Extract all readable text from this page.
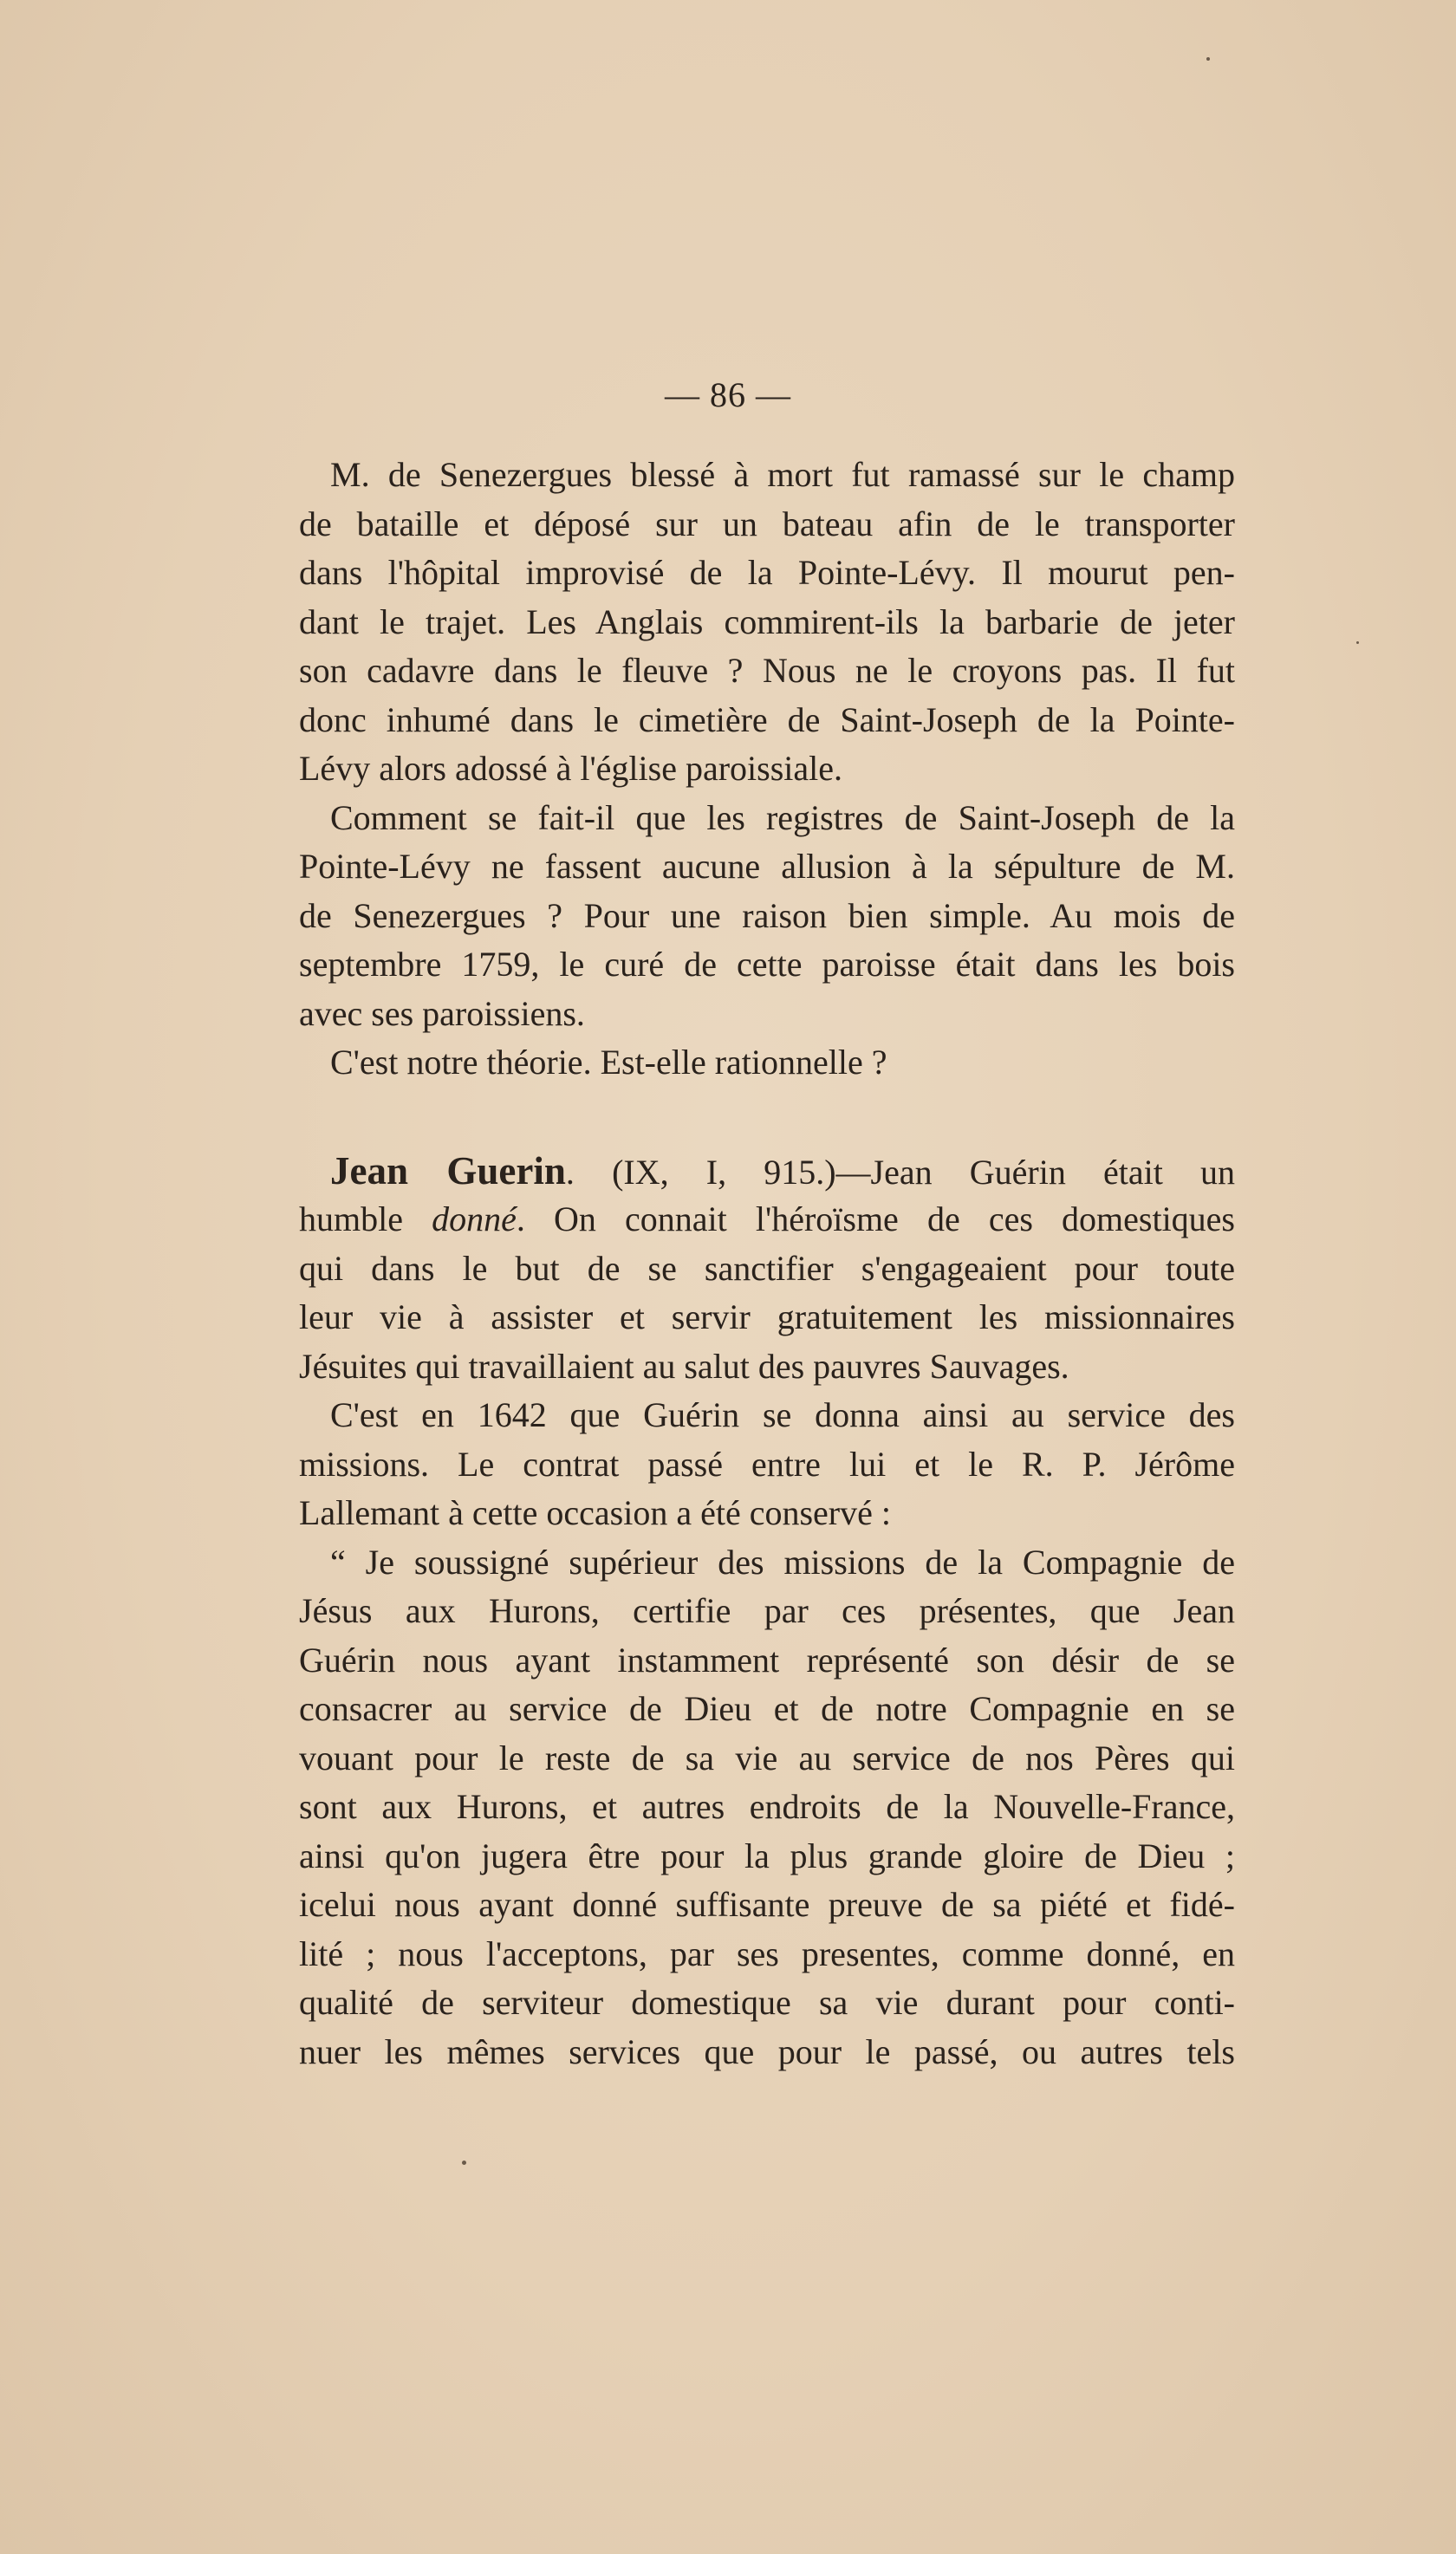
— 86 —
M. de Senezergues blessé à mort fut ramassé sur le champ
de bataille et déposé sur un bateau afin de le transporter
dans l'hôpital improvisé de la Pointe-Lévy. Il mourut pen-
dant le trajet. Les Anglais commirent-ils la barbarie de jeter
son cadavre dans le fleuve ? Nous ne le croyons pas. Il fut
donc inhumé dans le cimetière de Saint-Joseph de la Pointe-
Lévy alors adossé à l'église paroissiale.
Comment se fait-il que les registres de Saint-Joseph de la
Pointe-Lévy ne fassent aucune allusion à la sépulture de M.
de Senezergues ? Pour une raison bien simple. Au mois de
septembre 1759, le curé de cette paroisse était dans les bois
avec ses paroissiens.
C'est notre théorie. Est-elle rationnelle ?
Jean Guerin. (IX, I, 915.)—Jean Guérin était un
humble donné. On connait l'héroïsme de ces domestiques
qui dans le but de se sanctifier s'engageaient pour toute
leur vie à assister et servir gratuitement les missionnaires
Jésuites qui travaillaient au salut des pauvres Sauvages.
C'est en 1642 que Guérin se donna ainsi au service des
missions. Le contrat passé entre lui et le R. P. Jérôme
Lallemant à cette occasion a été conservé :
“ Je soussigné supérieur des missions de la Compagnie de
Jésus aux Hurons, certifie par ces présentes, que Jean
Guérin nous ayant instamment représenté son désir de se
consacrer au service de Dieu et de notre Compagnie en se
vouant pour le reste de sa vie au service de nos Pères qui
sont aux Hurons, et autres endroits de la Nouvelle-France,
ainsi qu'on jugera être pour la plus grande gloire de Dieu ;
icelui nous ayant donné suffisante preuve de sa piété et fidé-
lité ; nous l'acceptons, par ses presentes, comme donné, en
qualité de serviteur domestique sa vie durant pour conti-
nuer les mêmes services que pour le passé, ou autres tels
